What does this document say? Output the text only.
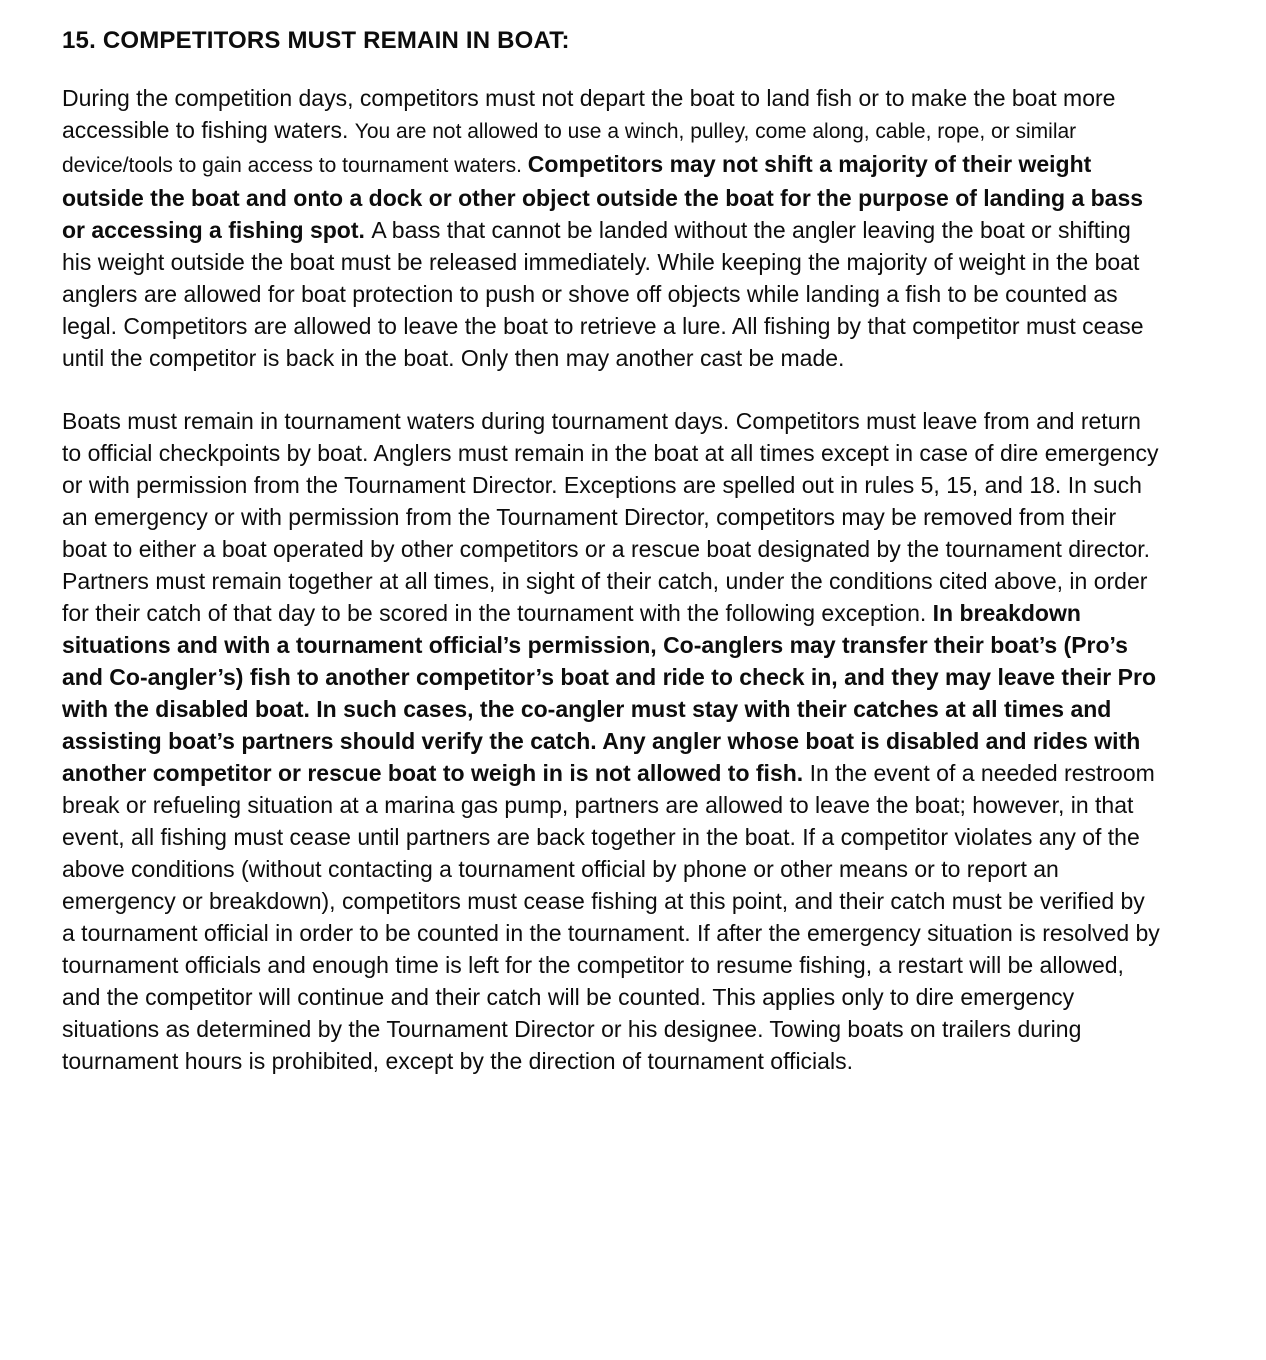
15. COMPETITORS MUST REMAIN IN BOAT:

During the competition days, competitors must not depart the boat to land fish or to make the boat more accessible to fishing waters. You are not allowed to use a winch, pulley, come along, cable, rope, or similar device/tools to gain access to tournament waters. Competitors may not shift a majority of their weight outside the boat and onto a dock or other object outside the boat for the purpose of landing a bass or accessing a fishing spot. A bass that cannot be landed without the angler leaving the boat or shifting his weight outside the boat must be released immediately. While keeping the majority of weight in the boat anglers are allowed for boat protection to push or shove off objects while landing a fish to be counted as legal. Competitors are allowed to leave the boat to retrieve a lure. All fishing by that competitor must cease until the competitor is back in the boat. Only then may another cast be made.

Boats must remain in tournament waters during tournament days. Competitors must leave from and return to official checkpoints by boat. Anglers must remain in the boat at all times except in case of dire emergency or with permission from the Tournament Director. Exceptions are spelled out in rules 5, 15, and 18. In such an emergency or with permission from the Tournament Director, competitors may be removed from their boat to either a boat operated by other competitors or a rescue boat designated by the tournament director. Partners must remain together at all times, in sight of their catch, under the conditions cited above, in order for their catch of that day to be scored in the tournament with the following exception. In breakdown situations and with a tournament official’s permission, Co-anglers may transfer their boat’s (Pro’s and Co-angler’s) fish to another competitor’s boat and ride to check in, and they may leave their Pro with the disabled boat. In such cases, the co-angler must stay with their catches at all times and assisting boat’s partners should verify the catch. Any angler whose boat is disabled and rides with another competitor or rescue boat to weigh in is not allowed to fish. In the event of a needed restroom break or refueling situation at a marina gas pump, partners are allowed to leave the boat; however, in that event, all fishing must cease until partners are back together in the boat. If a competitor violates any of the above conditions (without contacting a tournament official by phone or other means or to report an emergency or breakdown), competitors must cease fishing at this point, and their catch must be verified by a tournament official in order to be counted in the tournament. If after the emergency situation is resolved by tournament officials and enough time is left for the competitor to resume fishing, a restart will be allowed, and the competitor will continue and their catch will be counted. This applies only to dire emergency situations as determined by the Tournament Director or his designee. Towing boats on trailers during tournament hours is prohibited, except by the direction of tournament officials.
